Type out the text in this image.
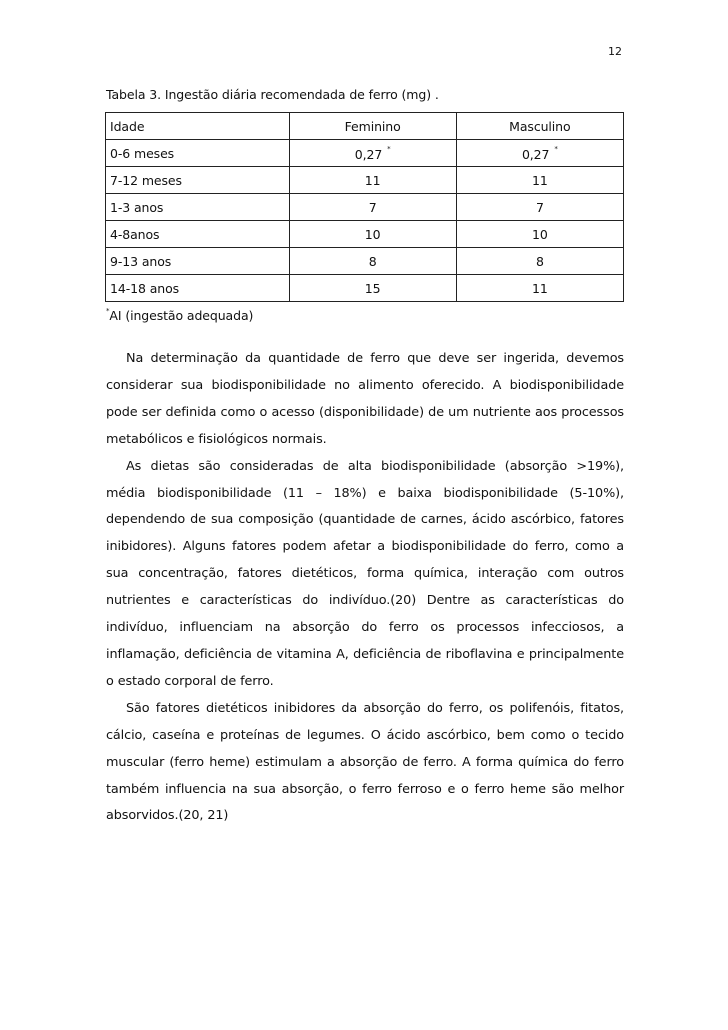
12
Tabela 3. Ingestão diária recomendada de ferro (mg) .
Idade	Feminino	Masculino
0-6 meses	0,27 *	0,27 *
7-12 meses	11	11
1-3 anos	7	7
4-8anos	10	10
9-13 anos	8	8
14-18 anos	15	11
*AI (ingestão adequada)

Na determinação da quantidade de ferro que deve ser ingerida, devemos considerar sua biodisponibilidade no alimento oferecido. A biodisponibilidade pode ser definida como o acesso (disponibilidade) de um nutriente aos processos metabólicos e fisiológicos normais.

As dietas são consideradas de alta biodisponibilidade (absorção >19%), média biodisponibilidade (11 – 18%) e baixa biodisponibilidade (5-10%), dependendo de sua composição (quantidade de carnes, ácido ascórbico, fatores inibidores). Alguns fatores podem afetar a biodisponibilidade do ferro, como a sua concentração, fatores dietéticos, forma química, interação com outros nutrientes e características do indivíduo.(20) Dentre as características do indivíduo, influenciam na absorção do ferro os processos infecciosos, a inflamação, deficiência de vitamina A, deficiência de riboflavina e principalmente o estado corporal de ferro.

São fatores dietéticos inibidores da absorção do ferro, os polifenóis, fitatos, cálcio, caseína e proteínas de legumes. O ácido ascórbico, bem como o tecido muscular (ferro heme) estimulam a absorção de ferro. A forma química do ferro também influencia na sua absorção, o ferro ferroso e o ferro heme são melhor absorvidos.(20, 21)
